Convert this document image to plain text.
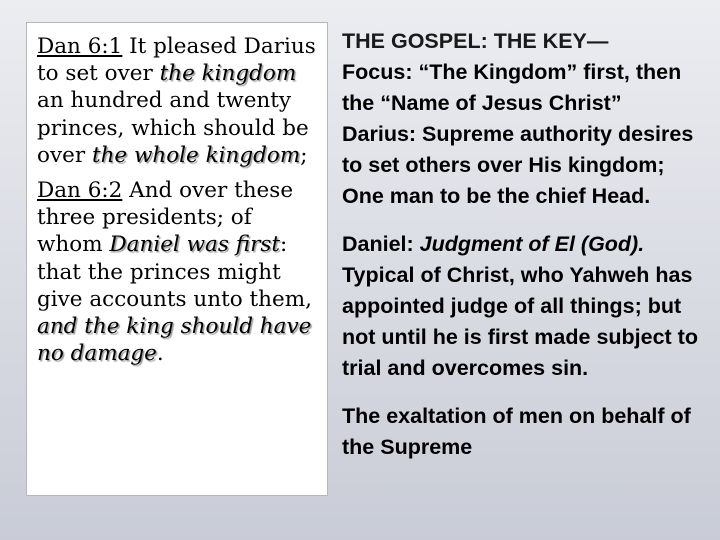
Dan 6:1 It pleased Darius to set over the kingdom an hundred and twenty princes, which should be over the whole kingdom;

Dan 6:2 And over these three presidents; of whom Daniel was first: that the princes might give accounts unto them, and the king should have no damage.

THE GOSPEL: THE KEY—

Focus: “The Kingdom” first, then the “Name of Jesus Christ”

Darius: Supreme authority desires to set others over His kingdom; One man to be the chief Head.

Daniel: Judgment of El (God). Typical of Christ, who Yahweh has appointed judge of all things; but not until he is first made subject to trial and overcomes sin.

The exaltation of men on behalf of the Supreme
